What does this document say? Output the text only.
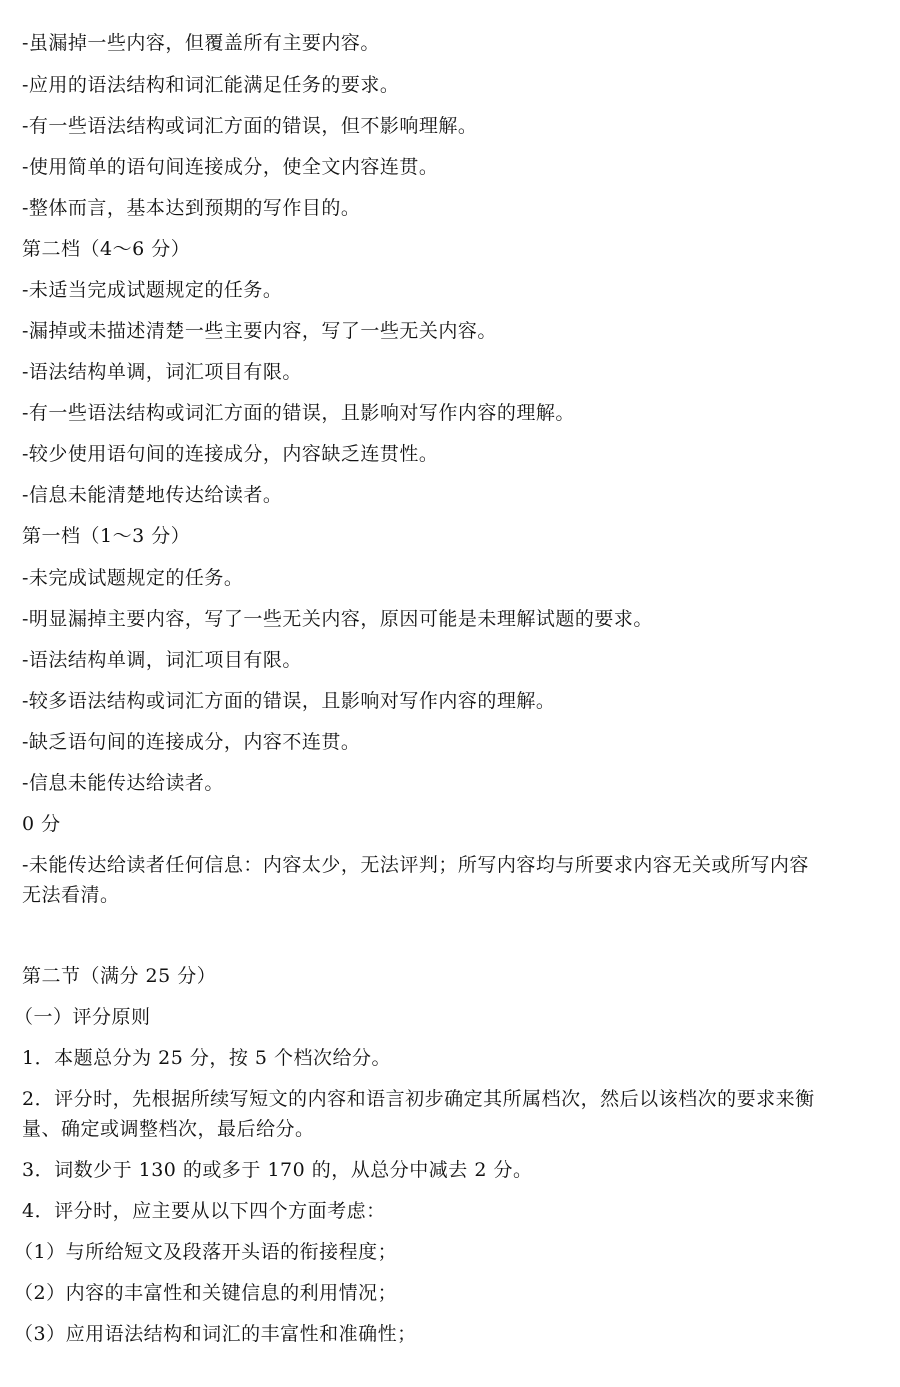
-虽漏掉一些内容，但覆盖所有主要内容。
-应用的语法结构和词汇能满足任务的要求。
-有一些语法结构或词汇方面的错误，但不影响理解。
-使用简单的语句间连接成分，使全文内容连贯。
-整体而言，基本达到预期的写作目的。
第二档（4～6 分）
-未适当完成试题规定的任务。
-漏掉或未描述清楚一些主要内容，写了一些无关内容。
-语法结构单调，词汇项目有限。
-有一些语法结构或词汇方面的错误，且影响对写作内容的理解。
-较少使用语句间的连接成分，内容缺乏连贯性。
-信息未能清楚地传达给读者。
第一档（1～3 分）
-未完成试题规定的任务。
-明显漏掉主要内容，写了一些无关内容，原因可能是未理解试题的要求。
-语法结构单调，词汇项目有限。
-较多语法结构或词汇方面的错误，且影响对写作内容的理解。
-缺乏语句间的连接成分，内容不连贯。
-信息未能传达给读者。
0 分
-未能传达给读者任何信息：内容太少，无法评判；所写内容均与所要求内容无关或所写内容
无法看清。
第二节（满分 25 分）
（一）评分原则
1．本题总分为 25 分，按 5 个档次给分。
2．评分时，先根据所续写短文的内容和语言初步确定其所属档次，然后以该档次的要求来衡
量、确定或调整档次，最后给分。
3．词数少于 130 的或多于 170 的，从总分中减去 2 分。
4．评分时，应主要从以下四个方面考虑：
（1）与所给短文及段落开头语的衔接程度；
（2）内容的丰富性和关键信息的利用情况；
（3）应用语法结构和词汇的丰富性和准确性；
